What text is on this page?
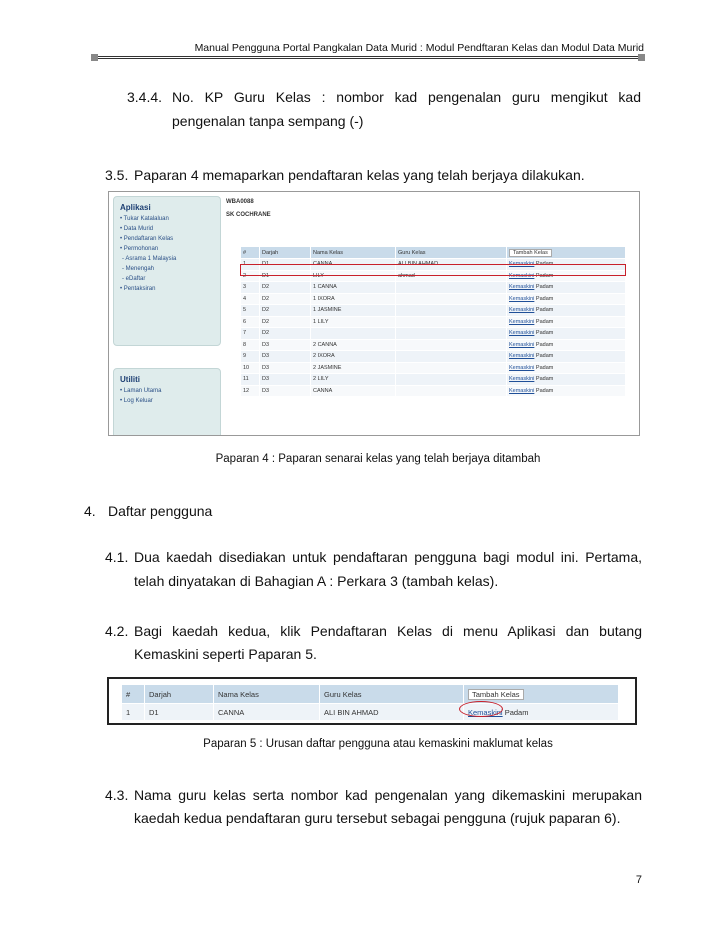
Manual Pengguna Portal Pangkalan Data Murid : Modul Pendftaran Kelas dan Modul Data Murid

3.4.4. No. KP Guru Kelas : nombor kad pengenalan guru mengikut kad

pengenalan tanpa sempang (-)

3.5. Paparan 4 memaparkan pendaftaran kelas yang telah berjaya dilakukan.

Aplikasi
• Tukar Katalaluan
• Data Murid
• Pendaftaran Kelas
• Permohonan
- Asrama 1 Malaysia
- Menengah
- eDaftar
• Pentaksiran
Utiliti
• Laman Utama
• Log Keluar
WBA0088
SK COCHRANE
#	Darjah	Nama Kelas	Guru Kelas	Tambah Kelas
1	D1	CANNA	ALI BIN AHMAD	Kemaskini Padam
2	D1	LILY	ahmad	Kemaskini Padam
3	D2	1 CANNA		Kemaskini Padam
4	D2	1 IXORA		Kemaskini Padam
5	D2	1 JASMINE		Kemaskini Padam
6	D2	1 LILY		Kemaskini Padam
7	D2			Kemaskini Padam
8	D3	2 CANNA		Kemaskini Padam
9	D3	2 IXORA		Kemaskini Padam
10	D3	2 JASMINE		Kemaskini Padam
11	D3	2 LILY		Kemaskini Padam
12	D3	CANNA		Kemaskini Padam

Paparan 4 : Paparan senarai kelas yang telah berjaya ditambah

4. Daftar pengguna

4.1. Dua kaedah disediakan untuk pendaftaran pengguna bagi modul ini. Pertama,

telah dinyatakan di Bahagian A : Perkara 3 (tambah kelas).

4.2. Bagi kaedah kedua, klik Pendaftaran Kelas di menu Aplikasi dan butang

Kemaskini seperti Paparan 5.

#	Darjah	Nama Kelas	Guru Kelas	Tambah Kelas
1	D1	CANNA	ALI BIN AHMAD	Kemaskini Padam

Paparan 5 : Urusan daftar pengguna atau kemaskini maklumat kelas

4.3. Nama guru kelas serta nombor kad pengenalan yang dikemaskini merupakan

kaedah kedua pendaftaran guru tersebut sebagai pengguna (rujuk paparan 6).

7
